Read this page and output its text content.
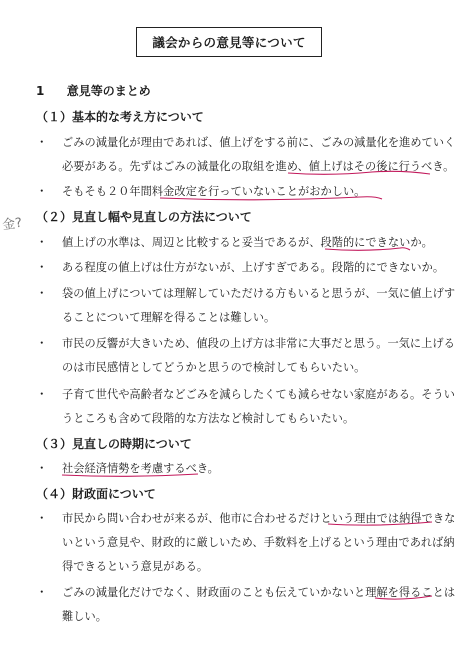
議会からの意見等について
1 意見等のまとめ
（１）基本的な考え方について
・ ごみの減量化が理由であれば、値上げをする前に、ごみの減量化を進めていく
必要がある。先ずはごみの減量化の取組を進め、値上げはその後に行うべき。
・ そもそも２０年間料金改定を行っていないことがおかしい。
金? （２）見直し幅や見直しの方法について
・ 値上げの水準は、周辺と比較すると妥当であるが、段階的にできないか。
・ ある程度の値上げは仕方がないが、上げすぎである。段階的にできないか。
・ 袋の値上げについては理解していただける方もいると思うが、一気に値上げす
ることについて理解を得ることは難しい。
・ 市民の反響が大きいため、値段の上げ方は非常に大事だと思う。一気に上げる
のは市民感情としてどうかと思うので検討してもらいたい。
・ 子育て世代や高齢者などごみを減らしたくても減らせない家庭がある。そうい
うところも含めて段階的な方法など検討してもらいたい。
（３）見直しの時期について
・ 社会経済情勢を考慮するべき。
（４）財政面について
・ 市民から問い合わせが来るが、他市に合わせるだけという理由では納得できな
いという意見や、財政的に厳しいため、手数料を上げるという理由であれば納
得できるという意見がある。
・ ごみの減量化だけでなく、財政面のことも伝えていかないと理解を得ることは
難しい。
